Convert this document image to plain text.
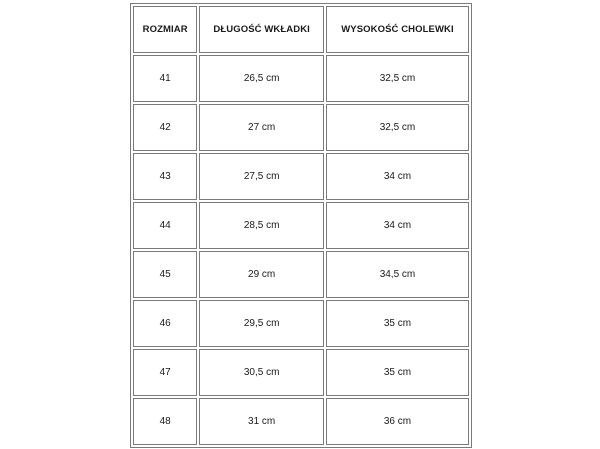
ROZMIAR	DŁUGOŚĆ WKŁADKI	WYSOKOŚĆ CHOLEWKI
41	26,5 cm	32,5 cm
42	27 cm	32,5 cm
43	27,5 cm	34 cm
44	28,5 cm	34 cm
45	29 cm	34,5 cm
46	29,5 cm	35 cm
47	30,5 cm	35 cm
48	31 cm	36 cm
